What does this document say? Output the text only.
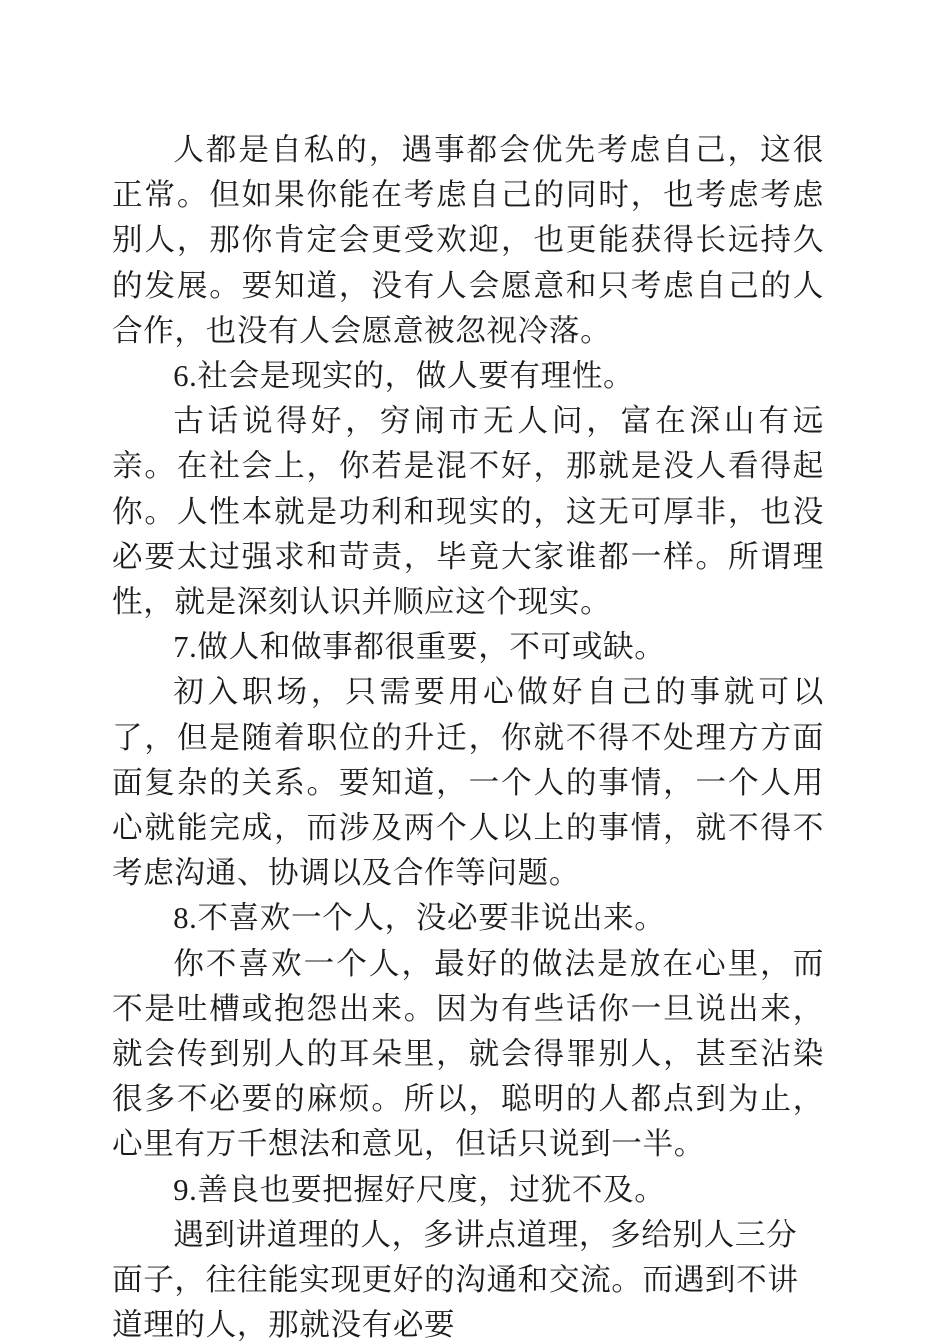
人都是自私的，遇事都会优先考虑自己，这很正常。但如果你能在考虑自己的同时，也考虑考虑别人，那你肯定会更受欢迎，也更能获得长远持久的发展。要知道，没有人会愿意和只考虑自己的人合作，也没有人会愿意被忽视冷落。

6.社会是现实的，做人要有理性。

古话说得好，穷闹市无人问，富在深山有远亲。在社会上，你若是混不好，那就是没人看得起你。人性本就是功利和现实的，这无可厚非，也没必要太过强求和苛责，毕竟大家谁都一样。所谓理性，就是深刻认识并顺应这个现实。

7.做人和做事都很重要，不可或缺。

初入职场，只需要用心做好自己的事就可以了，但是随着职位的升迁，你就不得不处理方方面面复杂的关系。要知道，一个人的事情，一个人用心就能完成，而涉及两个人以上的事情，就不得不考虑沟通、协调以及合作等问题。

8.不喜欢一个人，没必要非说出来。

你不喜欢一个人，最好的做法是放在心里，而不是吐槽或抱怨出来。因为有些话你一旦说出来，就会传到别人的耳朵里，就会得罪别人，甚至沾染很多不必要的麻烦。所以，聪明的人都点到为止，心里有万千想法和意见，但话只说到一半。

9.善良也要把握好尺度，过犹不及。

遇到讲道理的人，多讲点道理，多给别人三分面子，往往能实现更好的沟通和交流。而遇到不讲道理的人，那就没有必要
